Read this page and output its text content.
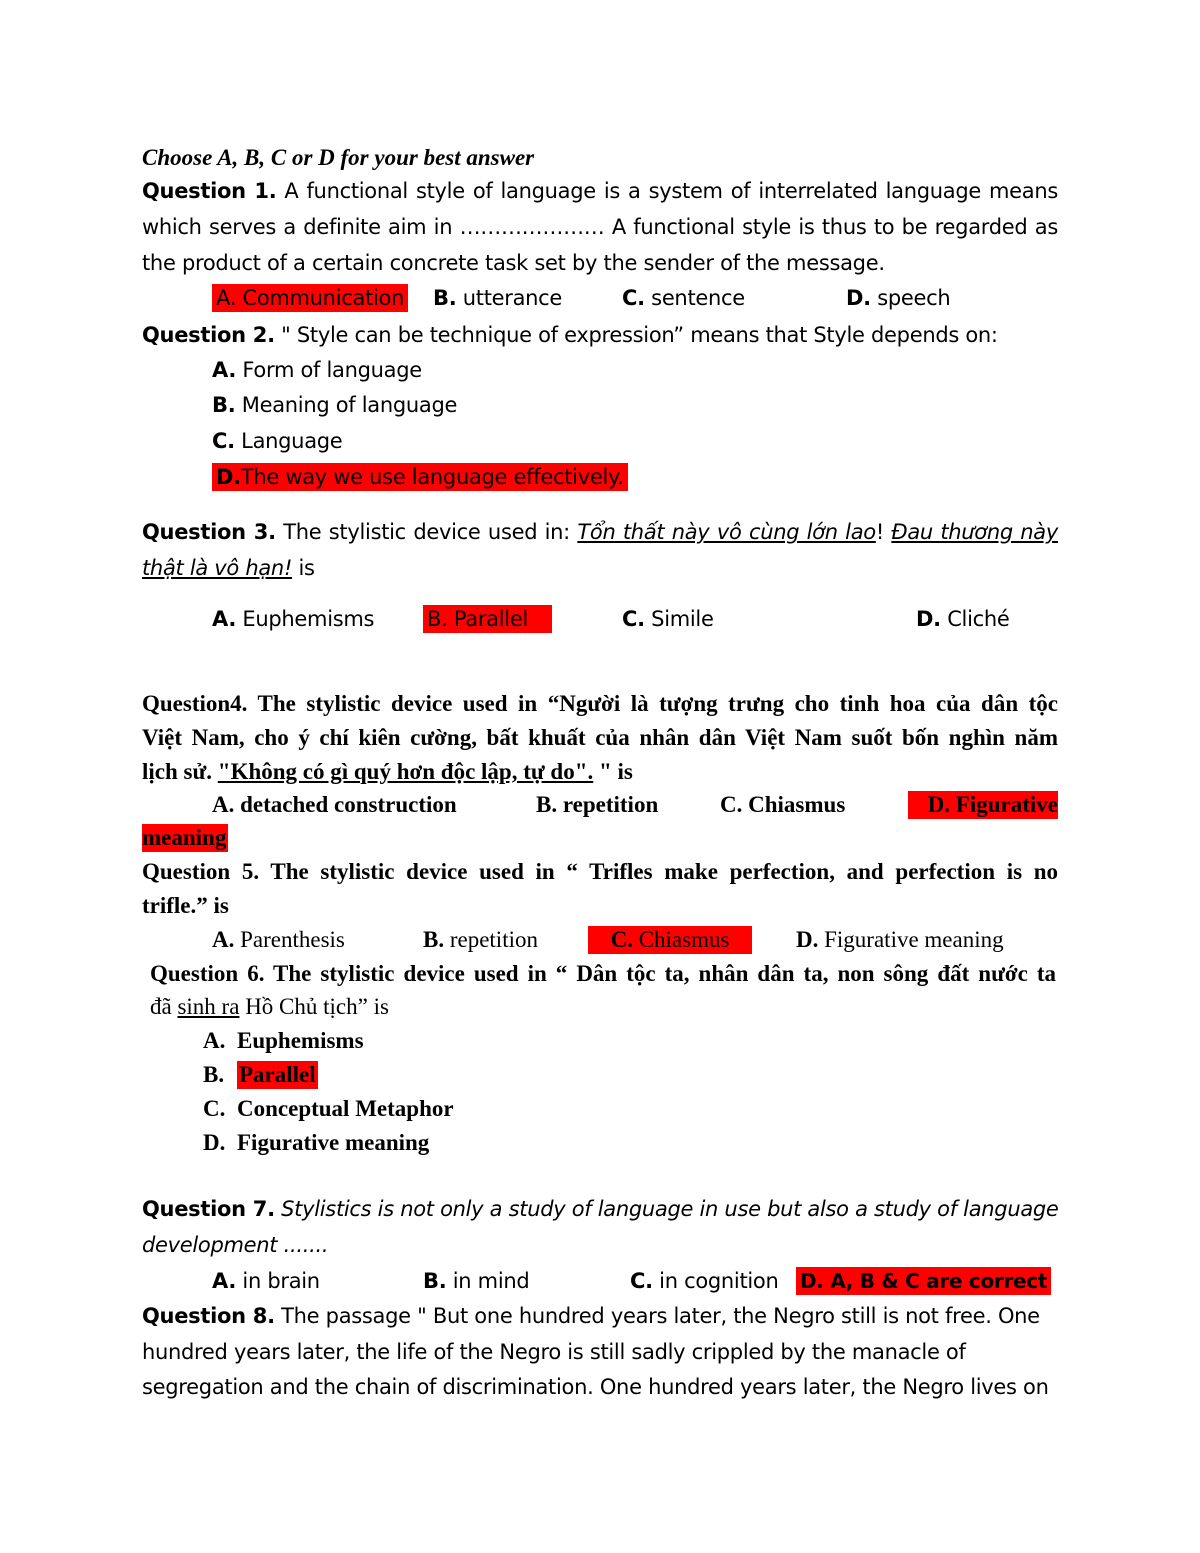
Choose A, B, C or D for your best answer
Question 1. A functional style of language is a system of interrelated language means
which serves a definite aim in ………………… A functional style is thus to be regarded as
the product of a certain concrete task set by the sender of the message.
A. Communication B. utterance	C. sentence	D. speech
Question 2. " Style can be technique of expression” means that Style depends on:
A. Form of language
B. Meaning of language
C. Language
D.The way we use language effectively.
Question 3. The stylistic device used in: Tổn thất này vô cùng lớn lao! Đau thương này
thật là vô hạn! is
A. Euphemisms	B. Parallel	C. Simile	D. Cliché
Question4. The stylistic device used in “Người là tượng trưng cho tinh hoa của dân tộc
Việt Nam, cho ý chí kiên cường, bất khuất của nhân dân Việt Nam suốt bốn nghìn năm
lịch sử. "Không có gì quý hơn độc lập, tự do". " is
A. detached construction	B. repetition	C. Chiasmus	D. Figurative
meaning
Question 5. The stylistic device used in “ Trifles make perfection, and perfection is no
trifle.” is
A. Parenthesis	B. repetition	C. Chiasmus	D. Figurative meaning
Question 6. The stylistic device used in “ Dân tộc ta, nhân dân ta, non sông đất nước ta
đã sinh ra Hồ Chủ tịch” is
A. Euphemisms
B. Parallel
C. Conceptual Metaphor
D. Figurative meaning
Question 7. Stylistics is not only a study of language in use but also a study of language
development .......
A. in brain	B. in mind	C. in cognition D. A, B & C are correct
Question 8. The passage " But one hundred years later, the Negro still is not free. One
hundred years later, the life of the Negro is still sadly crippled by the manacle of
segregation and the chain of discrimination. One hundred years later, the Negro lives on
